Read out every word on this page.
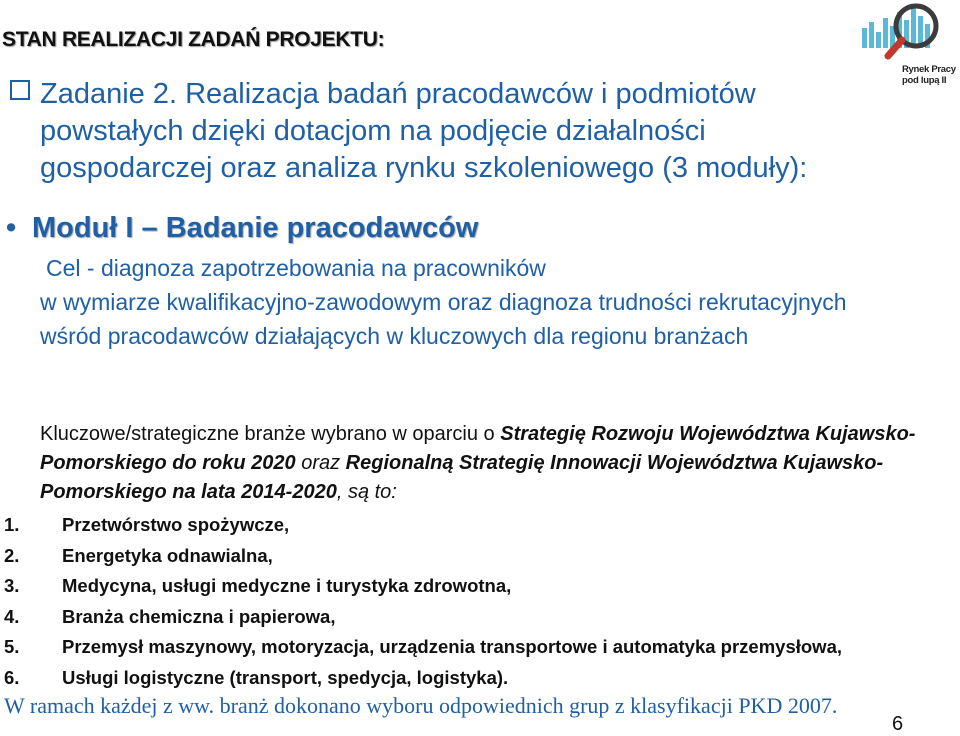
STAN REALIZACJI ZADAŃ PROJEKTU:
Rynek Pracy
pod lupą II
Zadanie 2. Realizacja badań pracodawców i podmiotów powstałych dzięki dotacjom na podjęcie działalności gospodarczej oraz analiza rynku szkoleniowego (3 moduły):
• Moduł I – Badanie pracodawców
Cel - diagnoza zapotrzebowania na pracowników
w wymiarze kwalifikacyjno-zawodowym oraz diagnoza trudności rekrutacyjnych wśród pracodawców działających w kluczowych dla regionu branżach
Kluczowe/strategiczne branże wybrano w oparciu o Strategię Rozwoju Województwa Kujawsko-Pomorskiego do roku 2020 oraz Regionalną Strategię Innowacji Województwa Kujawsko-Pomorskiego na lata 2014-2020, są to:
1. Przetwórstwo spożywcze,
2. Energetyka odnawialna,
3. Medycyna, usługi medyczne i turystyka zdrowotna,
4. Branża chemiczna i papierowa,
5. Przemysł maszynowy, motoryzacja, urządzenia transportowe i automatyka przemysłowa,
6. Usługi logistyczne (transport, spedycja, logistyka).
W ramach każdej z ww. branż dokonano wyboru odpowiednich grup z klasyfikacji PKD 2007.
6
